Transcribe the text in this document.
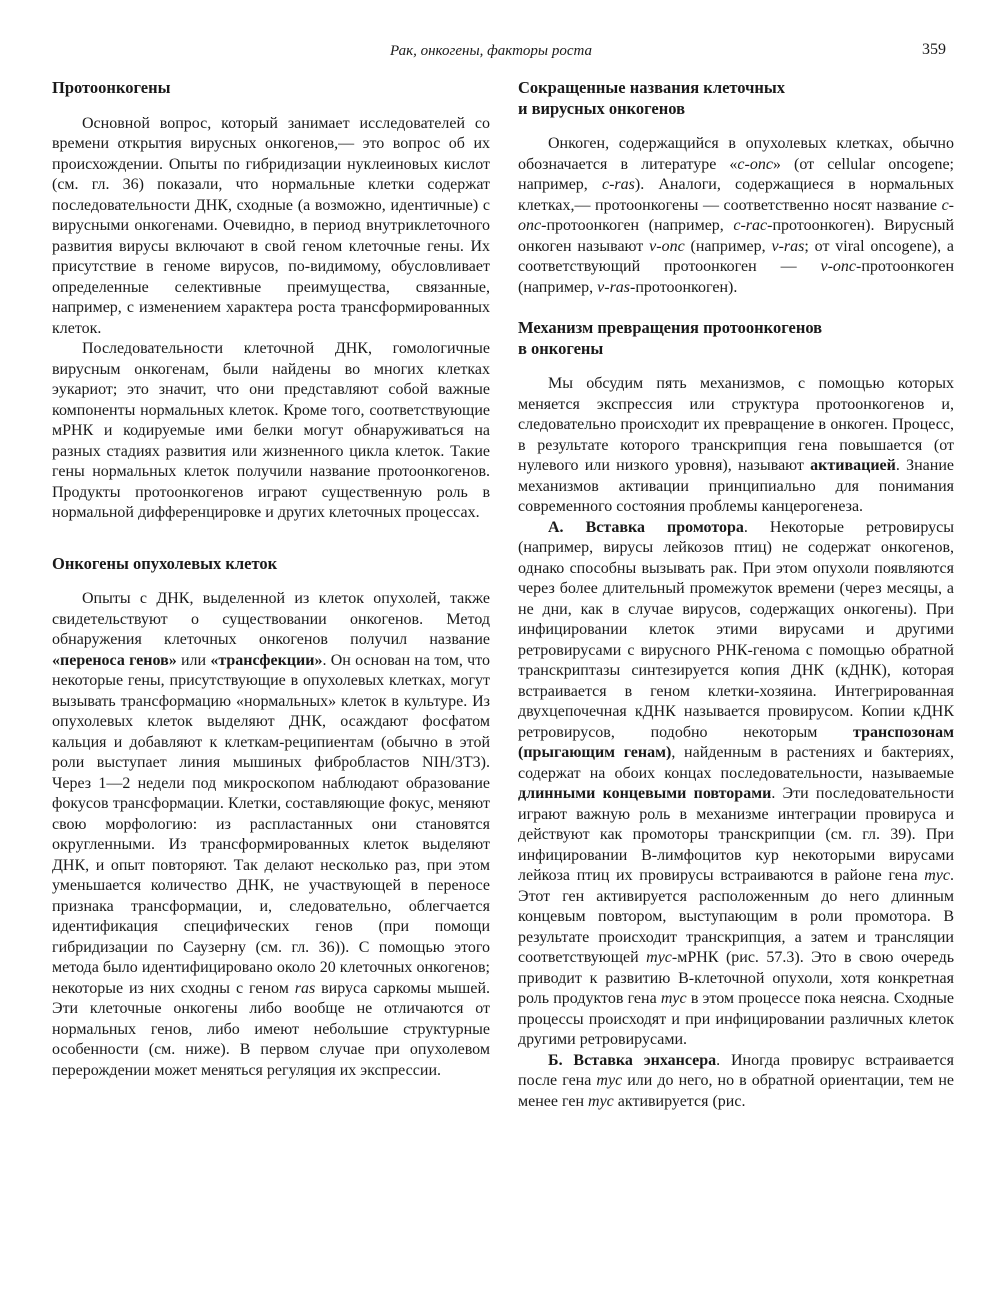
Рак, онкогены, факторы роста	359
Протоонкогены

Основной вопрос, который занимает исследователей со времени открытия вирусных онкогенов,— это вопрос об их происхождении. Опыты по гибридизации нуклеиновых кислот (см. гл. 36) показали, что нормальные клетки содержат последовательности ДНК, сходные (а возможно, идентичные) с вирусными онкогенами. Очевидно, в период внутриклеточного развития вирусы включают в свой геном клеточные гены. Их присутствие в геноме вирусов, по-видимому, обусловливает определенные селективные преимущества, связанные, например, с изменением характера роста трансформированных клеток.

Последовательности клеточной ДНК, гомологичные вирусным онкогенам, были найдены во многих клетках эукариот; это значит, что они представляют собой важные компоненты нормальных клеток. Кроме того, соответствующие мРНК и кодируемые ими белки могут обнаруживаться на разных стадиях развития или жизненного цикла клеток. Такие гены нормальных клеток получили название протоонкогенов. Продукты протоонкогенов играют существенную роль в нормальной дифференцировке и других клеточных процессах.

Онкогены опухолевых клеток

Опыты с ДНК, выделенной из клеток опухолей, также свидетельствуют о существовании онкогенов. Метод обнаружения клеточных онкогенов получил название «переноса генов» или «трансфекции». Он основан на том, что некоторые гены, присутствующие в опухолевых клетках, могут вызывать трансформацию «нормальных» клеток в культуре. Из опухолевых клеток выделяют ДНК, осаждают фосфатом кальция и добавляют к клеткам-реципиентам (обычно в этой роли выступает линия мышиных фибробластов NIH/3T3). Через 1—2 недели под микроскопом наблюдают образование фокусов трансформации. Клетки, составляющие фокус, меняют свою морфологию: из распластанных они становятся округленными. Из трансформированных клеток выделяют ДНК, и опыт повторяют. Так делают несколько раз, при этом уменьшается количество ДНК, не участвующей в переносе признака трансформации, и, следовательно, облегчается идентификация специфических генов (при помощи гибридизации по Саузерну (см. гл. 36)). С помощью этого метода было идентифицировано около 20 клеточных онкогенов; некоторые из них сходны с геном ras вируса саркомы мышей. Эти клеточные онкогены либо вообще не отличаются от нормальных генов, либо имеют небольшие структурные особенности (см. ниже). В первом случае при опухолевом перерождении может меняться регуляция их экспрессии.

Сокращенные названия клеточных
и вирусных онкогенов

Онкоген, содержащийся в опухолевых клетках, обычно обозначается в литературе «c-onc» (от cellular oncogene; например, c-ras). Аналоги, содержащиеся в нормальных клетках,— протоонкогены — соответственно носят название c-onc-протоонкоген (например, c-rac-протоонкоген). Вирусный онкоген называют v-onc (например, v-ras; от viral oncogene), а соответствующий протоонкоген — v-onc-протоонкоген (например, v-ras-протоонкоген).

Механизм превращения протоонкогенов
в онкогены

Мы обсудим пять механизмов, с помощью которых меняется экспрессия или структура протоонкогенов и, следовательно происходит их превращение в онкоген. Процесс, в результате которого транскрипция гена повышается (от нулевого или низкого уровня), называют активацией. Знание механизмов активации принципиально для понимания современного состояния проблемы канцерогенеза.

А. Вставка промотора. Некоторые ретровирусы (например, вирусы лейкозов птиц) не содержат онкогенов, однако способны вызывать рак. При этом опухоли появляются через более длительный промежуток времени (через месяцы, а не дни, как в случае вирусов, содержащих онкогены). При инфицировании клеток этими вирусами и другими ретровирусами с вирусного РНК-генома с помощью обратной транскриптазы синтезируется копия ДНК (кДНК), которая встраивается в геном клетки-хозяина. Интегрированная двухцепочечная кДНК называется провирусом. Копии кДНК ретровирусов, подобно некоторым транспозонам (прыгающим генам), найденным в растениях и бактериях, содержат на обоих концах последовательности, называемые длинными концевыми повторами. Эти последовательности играют важную роль в механизме интеграции провируса и действуют как промоторы транскрипции (см. гл. 39). При инфицировании В-лимфоцитов кур некоторыми вирусами лейкоза птиц их провирусы встраиваются в районе гена myc. Этот ген активируется расположенным до него длинным концевым повтором, выступающим в роли промотора. В результате происходит транскрипция, а затем и трансляции соответствующей myc-мРНК (рис. 57.3). Это в свою очередь приводит к развитию В-клеточной опухоли, хотя конкретная роль продуктов гена myc в этом процессе пока неясна. Сходные процессы происходят и при инфицировании различных клеток другими ретровирусами.

Б. Вставка энхансера. Иногда провирус встраивается после гена myc или до него, но в обратной ориентации, тем не менее ген myc активируется (рис.
